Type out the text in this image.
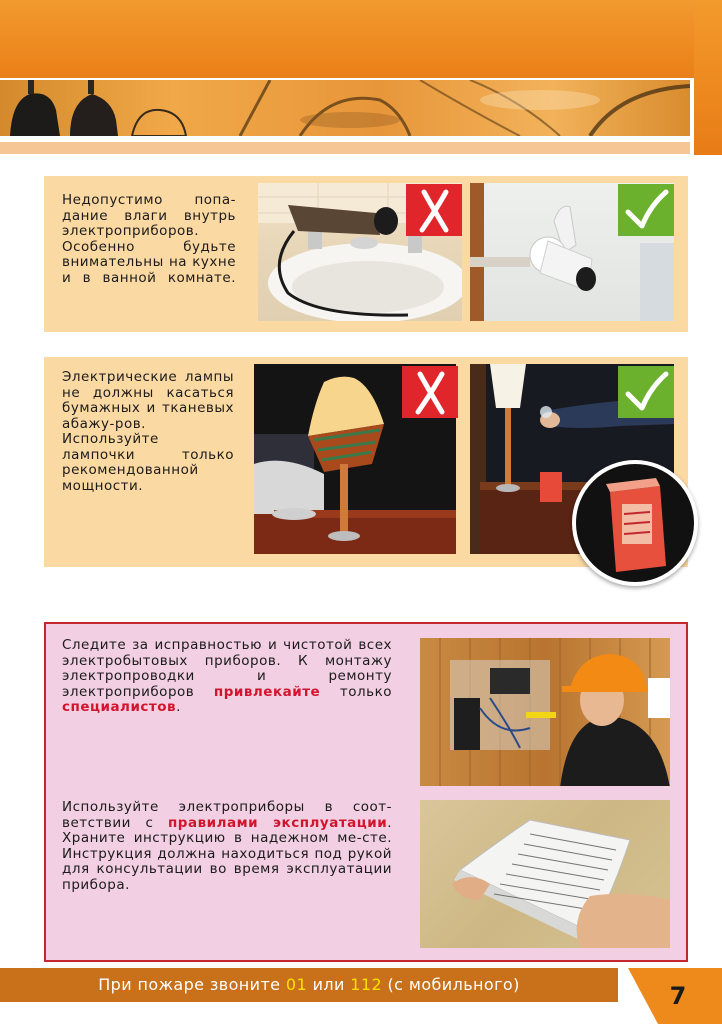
Недопустимо попа-дание влаги внутрь электроприборов. Особенно будьте внимательны на кухне и в ванной комнате.

Электрические лампы не должны касаться бумажных и тканевых абажу-ров. Используйте лампочки только рекомендованной мощности.

Следите за исправностью и чистотой всех электробытовых приборов. К монтажу электропроводки и ремонту электроприборов привлекайте только специалистов.

Используйте электроприборы в соот-ветствии с правилами эксплуатации. Храните инструкцию в надежном ме-сте. Инструкция должна находиться под рукой для консультации во время эксплуатации прибора.

При пожаре звоните 01 или 112 (с мобильного)	7
